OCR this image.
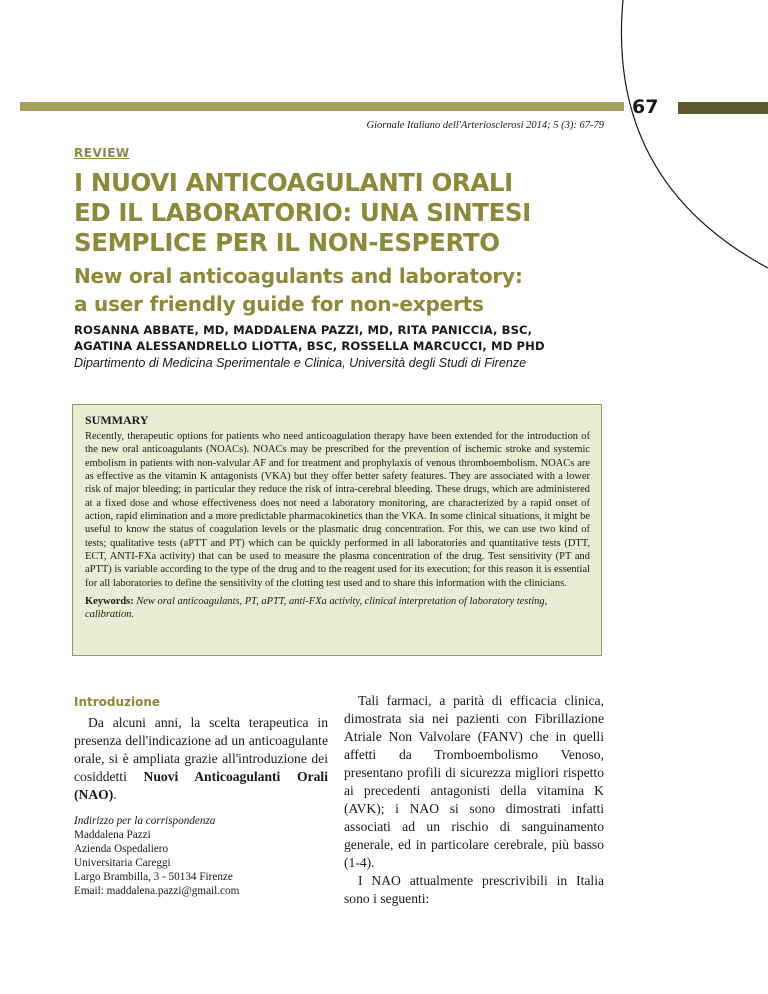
67
Giornale Italiano dell'Arteriosclerosi 2014; 5 (3): 67-79
REVIEW
I NUOVI ANTICOAGULANTI ORALI
ED IL LABORATORIO: UNA SINTESI
SEMPLICE PER IL NON-ESPERTO
New oral anticoagulants and laboratory:
a user friendly guide for non-experts
ROSANNA ABBATE, MD, MADDALENA PAZZI, MD, RITA PANICCIA, BSC,
AGATINA ALESSANDRELLO LIOTTA, BSC, ROSSELLA MARCUCCI, MD PHD
Dipartimento di Medicina Sperimentale e Clinica, Università degli Studi di Firenze
SUMMARY
Recently, therapeutic options for patients who need anticoagulation therapy have been extended for the introduction of the new oral anticoagulants (NOACs). NOACs may be prescribed for the prevention of ischemic stroke and systemic embolism in patients with non-valvular AF and for treatment and prophylaxis of venous thromboembolism. NOACs are as effective as the vitamin K antagonists (VKA) but they offer better safety features. They are associated with a lower risk of major bleeding; in particular they reduce the risk of intra-cerebral bleeding. These drugs, which are administered at a fixed dose and whose effectiveness does not need a laboratory monitoring, are characterized by a rapid onset of action, rapid elimination and a more predictable pharmacokinetics than the VKA. In some clinical situations, it might be useful to know the status of coagulation levels or the plasmatic drug concentration. For this, we can use two kind of tests; qualitative tests (aPTT and PT) which can be quickly performed in all laboratories and quantitative tests (DTT, ECT, ANTI-FXa activity) that can be used to measure the plasma concentration of the drug. Test sensitivity (PT and aPTT) is variable according to the type of the drug and to the reagent used for its execution; for this reason it is essential for all laboratories to define the sensitivity of the clotting test used and to share this information with the clinicians.
Keywords: New oral anticoagulants, PT, aPTT, anti-FXa activity, clinical interpretation of laboratory testing, calibration.
Introduzione

Da alcuni anni, la scelta terapeutica in presenza dell'indicazione ad un anticoagulante orale, si è ampliata grazie all'introduzione dei cosiddetti Nuovi Anticoagulanti Orali (NAO).

Indirizzo per la corrispondenza
Maddalena Pazzi
Azienda Ospedaliero
Universitaria Careggi
Largo Brambilla, 3 - 50134 Firenze
Email: maddalena.pazzi@gmail.com

Tali farmaci, a parità di efficacia clinica, dimostrata sia nei pazienti con Fibrillazione Atriale Non Valvolare (FANV) che in quelli affetti da Tromboembolismo Venoso, presentano profili di sicurezza migliori rispetto ai precedenti antagonisti della vitamina K (AVK); i NAO si sono dimostrati infatti associati ad un rischio di sanguinamento generale, ed in particolare cerebrale, più basso (1-4).

I NAO attualmente prescrivibili in Italia sono i seguenti:
